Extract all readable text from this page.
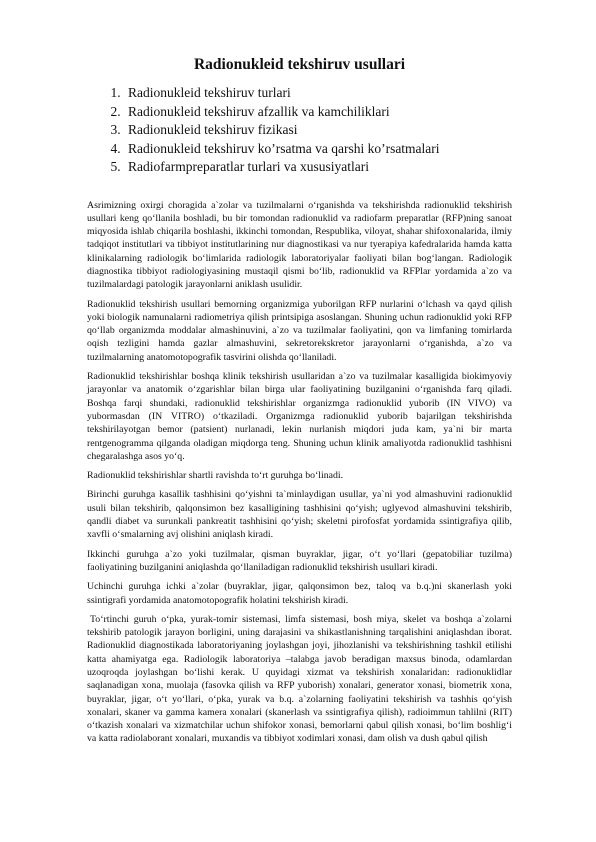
Radionukleid tekshiruv usullari
1. Radionukleid tekshiruv turlari
2. Radionukleid tekshiruv afzallik va kamchiliklari
3. Radionukleid tekshiruv fizikasi
4. Radionukleid tekshiruv ko’rsatma va qarshi ko’rsatmalari
5. Radiofarmpreparatlar turlari va xususiyatlari

Asrimizning oxirgi choragida a`zolar va tuzilmalarni o‘rganishda va tekshirishda radionuklid tekshirish usullari keng qo‘llanila boshladi, bu bir tomondan radionuklid va radiofarm preparatlar (RFP)ning sanoat miqyosida ishlab chiqarila boshlashi, ikkinchi tomondan, Respublika, viloyat, shahar shifoxonalarida, ilmiy tadqiqot institutlari va tibbiyot institutlarining nur diagnostikasi va nur tyerapiya kafedralarida hamda katta klinikalarning radiologik bo‘limlarida radiologik laboratoriyalar faoliyati bilan bog‘langan. Radiologik diagnostika tibbiyot radiologiyasining mustaqil qismi bo‘lib, radionuklid va RFPlar yordamida a`zo va tuzilmalardagi patologik jarayonlarni aniklash usulidir.

Radionuklid tekshirish usullari bemorning organizmiga yuborilgan RFP nurlarini o‘lchash va qayd qilish yoki biologik namunalarni radiometriya qilish printsipiga asoslangan. Shuning uchun radionuklid yoki RFP qo‘llab organizmda moddalar almashinuvini, a`zo va tuzilmalar faoliyatini, qon va limfaning tomirlarda oqish tezligini hamda gazlar almashuvini, sekretorekskretor jarayonlarni o‘rganishda, a`zo va tuzilmalarning anatomotopografik tasvirini olishda qo‘llaniladi.

Radionuklid tekshirishlar boshqa klinik tekshirish usullaridan a`zo va tuzilmalar kasalligida biokimyoviy jarayonlar va anatomik o‘zgarishlar bilan birga ular faoliyatining buzilganini o‘rganishda farq qiladi. Boshqa farqi shundaki, radionuklid tekshirishlar organizmga radionuklid yuborib (IN VIVO) va yubormasdan (IN VITRO) o‘tkaziladi. Organizmga radionuklid yuborib bajarilgan tekshirishda tekshirilayotgan bemor (patsient) nurlanadi, lekin nurlanish miqdori juda kam, ya`ni bir marta rentgenogramma qilganda oladigan miqdorga teng. Shuning uchun klinik amaliyotda radionuklid tashhisni chegaralashga asos yo‘q.

Radionuklid tekshirishlar shartli ravishda to‘rt guruhga bo‘linadi.

Birinchi guruhga kasallik tashhisini qo‘yishni ta`minlaydigan usullar, ya`ni yod almashuvini radionuklid usuli bilan tekshirib, qalqonsimon bez kasalligining tashhisini qo‘yish; uglyevod almashuvini tekshirib, qandli diabet va surunkali pankreatit tashhisini qo‘yish; skeletni pirofosfat yordamida ssintigrafiya qilib, xavfli o‘smalarning avj olishini aniqlash kiradi.

Ikkinchi guruhga a`zo yoki tuzilmalar, qisman buyraklar, jigar, o‘t yo‘llari (gepatobiliar tuzilma) faoliyatining buzilganini aniqlashda qo‘llaniladigan radionuklid tekshirish usullari kiradi.

Uchinchi guruhga ichki a`zolar (buyraklar, jigar, qalqonsimon bez, taloq va b.q.)ni skanerlash yoki ssintigrafi yordamida anatomotopografik holatini tekshirish kiradi.

To‘rtinchi guruh o‘pka, yurak-tomir sistemasi, limfa sistemasi, bosh miya, skelet va boshqa a`zolarni tekshirib patologik jarayon borligini, uning darajasini va shikastlanishning tarqalishini aniqlashdan iborat. Radionuklid diagnostikada laboratoriyaning joylashgan joyi, jihozlanishi va tekshirishning tashkil etilishi katta ahamiyatga ega. Radiologik laboratoriya –talabga javob beradigan maxsus binoda, odamlardan uzoqroqda joylashgan bo‘lishi kerak. U quyidagi xizmat va tekshirish xonalaridan: radionuklidlar saqlanadigan xona, muolaja (fasovka qilish va RFP yuborish) xonalari, generator xonasi, biometrik xona, buyraklar, jigar, o‘t yo‘llari, o‘pka, yurak va b.q. a`zolarning faoliyatini tekshirish va tashhis qo‘yish xonalari, skaner va gamma kamera xonalari (skanerlash va ssintigrafiya qilish), radioimmun tahlilni (RIT) o‘tkazish xonalari va xizmatchilar uchun shifokor xonasi, bemorlarni qabul qilish xonasi, bo‘lim boshlig‘i va katta radiolaborant xonalari, muxandis va tibbiyot xodimlari xonasi, dam olish va dush qabul qilish
